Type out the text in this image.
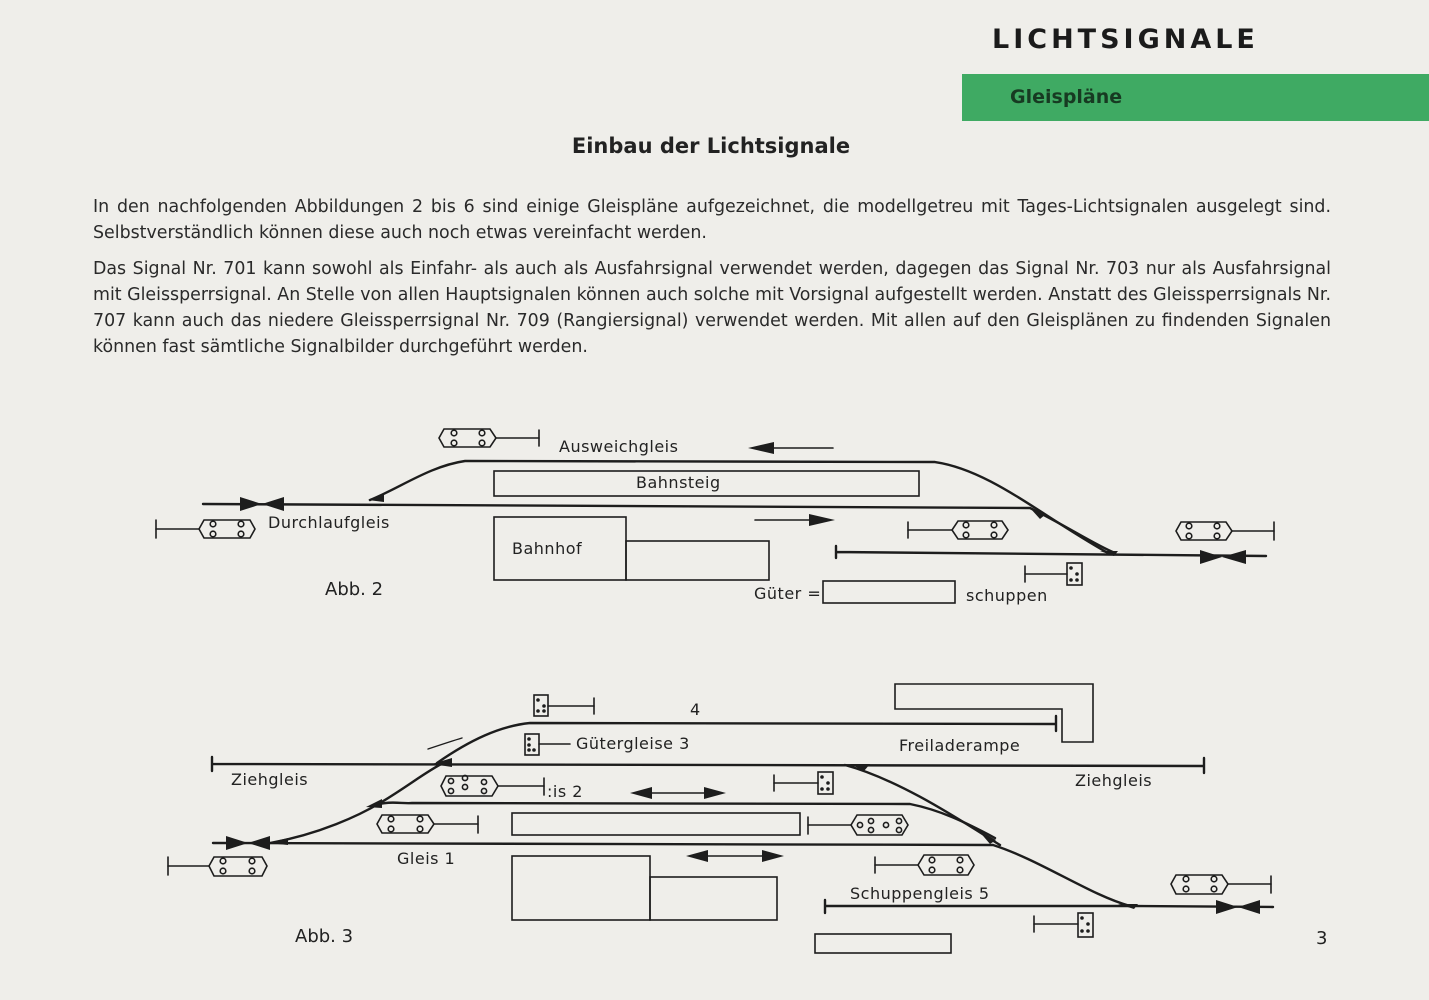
LICHTSIGNALE
Gleispläne
Einbau der Lichtsignale

In den nachfolgenden Abbildungen 2 bis 6 sind einige Gleispläne aufgezeichnet, die modellgetreu mit Tages-Lichtsignalen ausgelegt sind. Selbstverständlich können diese auch noch etwas vereinfacht werden.

Das Signal Nr. 701 kann sowohl als Einfahr- als auch als Ausfahrsignal verwendet werden, dagegen das Signal Nr. 703 nur als Ausfahrsignal mit Gleissperrsignal. An Stelle von allen Hauptsignalen können auch solche mit Vorsignal aufgestellt werden. Anstatt des Gleissperrsignals Nr. 707 kann auch das niedere Gleissperrsignal Nr. 709 (Rangiersignal) verwendet werden. Mit allen auf den Gleisplänen zu findenden Signalen können fast sämtliche Signalbilder durchgeführt werden.

Ausweichgleis
Bahnsteig
Durchlaufgleis
Bahnhof
Abb. 2	Güter =	schuppen
4
Gütergleise 3	Freiladerampe
Ziehgleis	Ziehgleis
:is 2
Gleis 1
Schuppengleis 5
Abb. 3	3
